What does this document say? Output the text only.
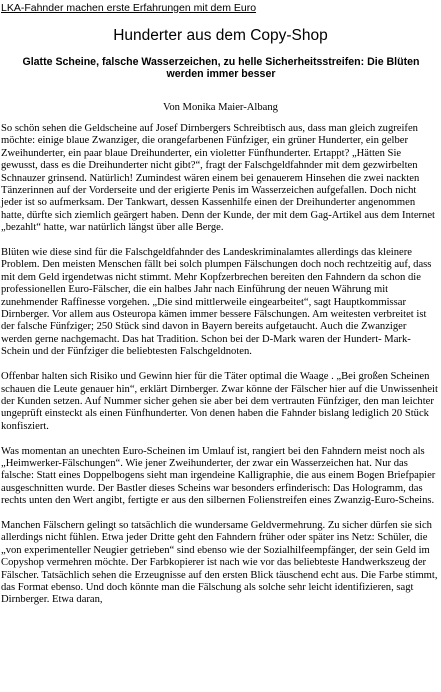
LKA-Fahnder machen erste Erfahrungen mit dem Euro
Hunderter aus dem Copy-Shop
Glatte Scheine, falsche Wasserzeichen, zu helle Sicherheitsstreifen: Die Blüten werden immer besser

Von Monika Maier-Albang

So schön sehen die Geldscheine auf Josef Dirnbergers Schreibtisch aus, dass man gleich zugreifen möchte: einige blaue Zwanziger, die orangefarbenen Fünfziger, ein grüner Hunderter, ein gelber Zweihunderter, ein paar blaue Dreihunderter, ein violetter Fünfhunderter. Ertappt? „Hätten Sie gewusst, dass es die Dreihunderter nicht gibt?“, fragt der Falschgeldfahnder mit dem gezwirbelten Schnauzer grinsend. Natürlich! Zumindest wären einem bei genauerem Hinsehen die zwei nackten Tänzerinnen auf der Vorderseite und der erigierte Penis im Wasserzeichen aufgefallen. Doch nicht jeder ist so aufmerksam. Der Tankwart, dessen Kassenhilfe einen der Dreihunderter angenommen hatte, dürfte sich ziemlich geärgert haben. Denn der Kunde, der mit dem Gag-Artikel aus dem Internet „bezahlt“ hatte, war natürlich längst über alle Berge.

Blüten wie diese sind für die Falschgeldfahnder des Landeskriminalamtes allerdings das kleinere Problem. Den meisten Menschen fällt bei solch plumpen Fälschungen doch noch rechtzeitig auf, dass mit dem Geld irgendetwas nicht stimmt. Mehr Kopfzerbrechen bereiten den Fahndern da schon die professionellen Euro-Fälscher, die ein halbes Jahr nach Einführung der neuen Währung mit zunehmender Raffinesse vorgehen. „Die sind mittlerweile eingearbeitet“, sagt Hauptkommissar Dirnberger. Vor allem aus Osteuropa kämen immer bessere Fälschungen. Am weitesten verbreitet ist der falsche Fünfziger; 250 Stück sind davon in Bayern bereits aufgetaucht. Auch die Zwanziger werden gerne nachgemacht. Das hat Tradition. Schon bei der D-Mark waren der Hundert- Mark-Schein und der Fünfziger die beliebtesten Falschgeldnoten.

Offenbar halten sich Risiko und Gewinn hier für die Täter optimal die Waage . „Bei großen Scheinen schauen die Leute genauer hin“, erklärt Dirnberger. Zwar könne der Fälscher hier auf die Unwissenheit der Kunden setzen. Auf Nummer sicher gehen sie aber bei dem vertrauten Fünfziger, den man leichter ungeprüft einsteckt als einen Fünfhunderter. Von denen haben die Fahnder bislang lediglich 20 Stück konfisziert.

Was momentan an unechten Euro-Scheinen im Umlauf ist, rangiert bei den Fahndern meist noch als „Heimwerker-Fälschungen“. Wie jener Zweihunderter, der zwar ein Wasserzeichen hat. Nur das falsche: Statt eines Doppelbogens sieht man irgendeine Kalligraphie, die aus einem Bogen Briefpapier ausgeschnitten wurde. Der Bastler dieses Scheins war besonders erfinderisch: Das Hologramm, das rechts unten den Wert angibt, fertigte er aus den silbernen Folienstreifen eines Zwanzig-Euro-Scheins.

Manchen Fälschern gelingt so tatsächlich die wundersame Geldvermehrung. Zu sicher dürfen sie sich allerdings nicht fühlen. Etwa jeder Dritte geht den Fahndern früher oder später ins Netz: Schüler, die „von experimenteller Neugier getrieben“ sind ebenso wie der Sozialhilfeempfänger, der sein Geld im Copyshop vermehren möchte. Der Farbkopierer ist nach wie vor das beliebteste Handwerkszeug der Fälscher. Tatsächlich sehen die Erzeugnisse auf den ersten Blick täuschend echt aus. Die Farbe stimmt, das Format ebenso. Und doch könnte man die Fälschung als solche sehr leicht identifizieren, sagt Dirnberger. Etwa daran,
